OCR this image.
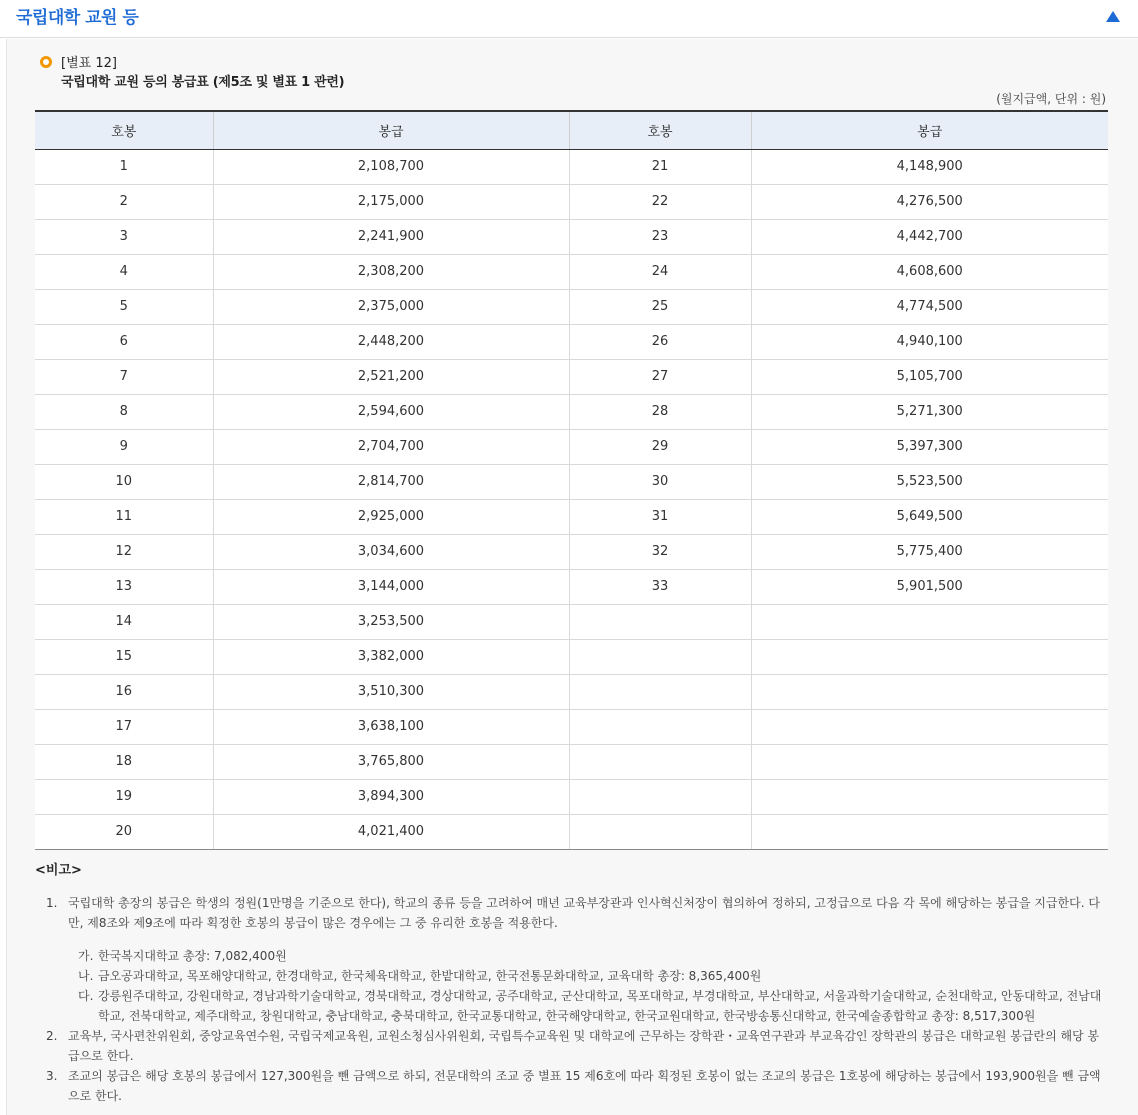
국립대학 교원 등
[별표 12]
국립대학 교원 등의 봉급표 (제5조 및 별표 1 관련)
(월지급액, 단위 : 원)
호봉	봉급	호봉	봉급
1	2,108,700	21	4,148,900
2	2,175,000	22	4,276,500
3	2,241,900	23	4,442,700
4	2,308,200	24	4,608,600
5	2,375,000	25	4,774,500
6	2,448,200	26	4,940,100
7	2,521,200	27	5,105,700
8	2,594,600	28	5,271,300
9	2,704,700	29	5,397,300
10	2,814,700	30	5,523,500
11	2,925,000	31	5,649,500
12	3,034,600	32	5,775,400
13	3,144,000	33	5,901,500
14	3,253,500		
15	3,382,000		
16	3,510,300		
17	3,638,100		
18	3,765,800		
19	3,894,300		
20	4,021,400		
<비고>
1. 국립대학 총장의 봉급은 학생의 정원(1만명을 기준으로 한다), 학교의 종류 등을 고려하여 매년 교육부장관과 인사혁신처장이 협의하여 정하되, 고정급으로 다음 각 목에 해당하는 봉급을 지급한다. 다만, 제8조와 제9조에 따라 획정한 호봉의 봉급이 많은 경우에는 그 중 유리한 호봉을 적용한다.
가. 한국복지대학교 총장: 7,082,400원
나. 금오공과대학교, 목포해양대학교, 한경대학교, 한국체육대학교, 한밭대학교, 한국전통문화대학교, 교육대학 총장: 8,365,400원
다. 강릉원주대학교, 강원대학교, 경남과학기술대학교, 경북대학교, 경상대학교, 공주대학교, 군산대학교, 목포대학교, 부경대학교, 부산대학교, 서울과학기술대학교, 순천대학교, 안동대학교, 전남대학교, 전북대학교, 제주대학교, 창원대학교, 충남대학교, 충북대학교, 한국교통대학교, 한국해양대학교, 한국교원대학교, 한국방송통신대학교, 한국예술종합학교 총장: 8,517,300원
2. 교육부, 국사편찬위원회, 중앙교육연수원, 국립국제교육원, 교원소청심사위원회, 국립특수교육원 및 대학교에 근무하는 장학관・교육연구관과 부교육감인 장학관의 봉급은 대학교원 봉급란의 해당 봉급으로 한다.
3. 조교의 봉급은 해당 호봉의 봉급에서 127,300원을 뺀 금액으로 하되, 전문대학의 조교 중 별표 15 제6호에 따라 획정된 호봉이 없는 조교의 봉급은 1호봉에 해당하는 봉급에서 193,900원을 뺀 금액으로 한다.
